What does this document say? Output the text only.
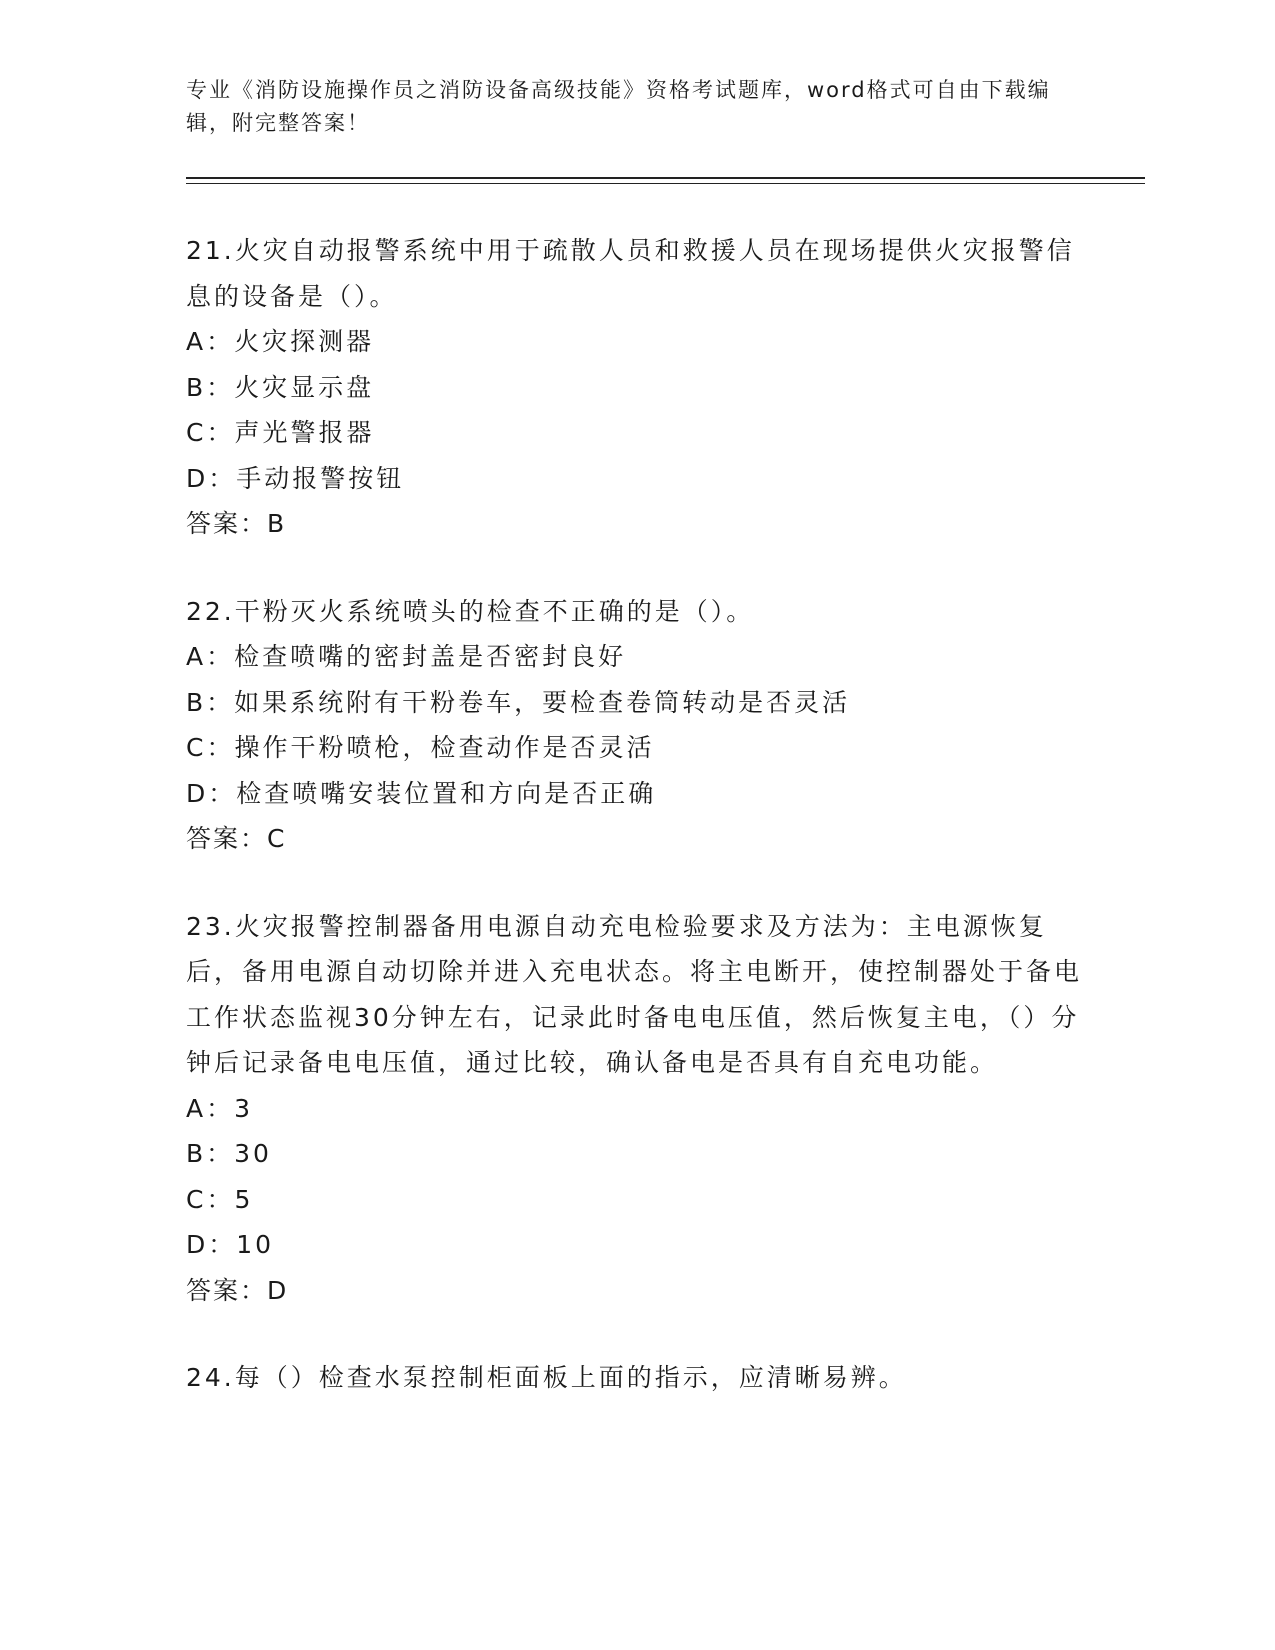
专业《消防设施操作员之消防设备高级技能》资格考试题库，word格式可自由下载编辑，附完整答案！

21.火灾自动报警系统中用于疏散人员和救援人员在现场提供火灾报警信息的设备是（）。

A：火灾探测器

B：火灾显示盘

C：声光警报器

D：手动报警按钮

答案：B

22.干粉灭火系统喷头的检查不正确的是（）。

A：检查喷嘴的密封盖是否密封良好

B：如果系统附有干粉卷车，要检查卷筒转动是否灵活

C：操作干粉喷枪，检查动作是否灵活

D：检查喷嘴安装位置和方向是否正确

答案：C

23.火灾报警控制器备用电源自动充电检验要求及方法为：主电源恢复后，备用电源自动切除并进入充电状态。将主电断开，使控制器处于备电工作状态监视30分钟左右，记录此时备电电压值，然后恢复主电，（）分钟后记录备电电压值，通过比较，确认备电是否具有自充电功能。

A：3

B：30

C：5

D：10

答案：D

24.每（）检查水泵控制柜面板上面的指示，应清晰易辨。
